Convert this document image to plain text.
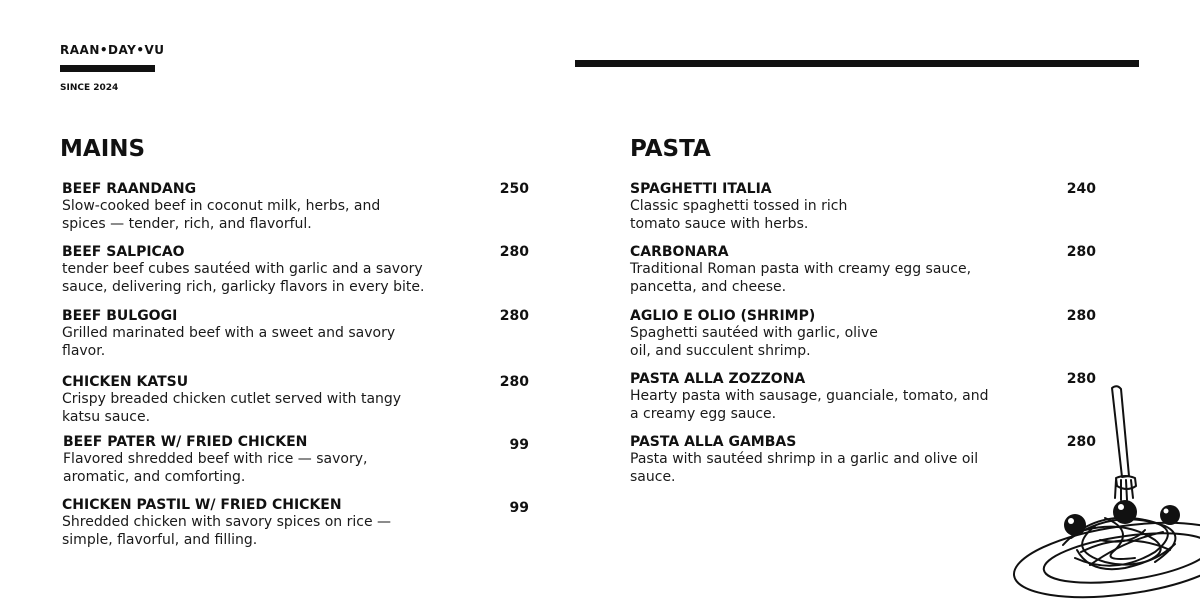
RAAN•DAY•VU
SINCE 2024
MAINS
BEEF RAANDANG
Slow-cooked beef in coconut milk, herbs, and spices — tender, rich, and flavorful.
250
BEEF SALPICAO
tender beef cubes sautéed with garlic and a savory sauce, delivering rich, garlicky flavors in every bite.
280
BEEF BULGOGI
Grilled marinated beef with a sweet and savory flavor.
280
CHICKEN KATSU
Crispy breaded chicken cutlet served with tangy katsu sauce.
280
BEEF PATER W/ FRIED CHICKEN
Flavored shredded beef with rice — savory, aromatic, and comforting.
99
CHICKEN PASTIL W/ FRIED CHICKEN
Shredded chicken with savory spices on rice — simple, flavorful, and filling.
99
PASTA
SPAGHETTI ITALIA
Classic spaghetti tossed in rich tomato sauce with herbs.
240
CARBONARA
Traditional Roman pasta with creamy egg sauce, pancetta, and cheese.
280
AGLIO E OLIO (SHRIMP)
Spaghetti sautéed with garlic, olive oil, and succulent shrimp.
280
PASTA ALLA ZOZZONA
Hearty pasta with sausage, guanciale, tomato, and a creamy egg sauce.
280
PASTA ALLA GAMBAS
Pasta with sautéed shrimp in a garlic and olive oil sauce.
280
